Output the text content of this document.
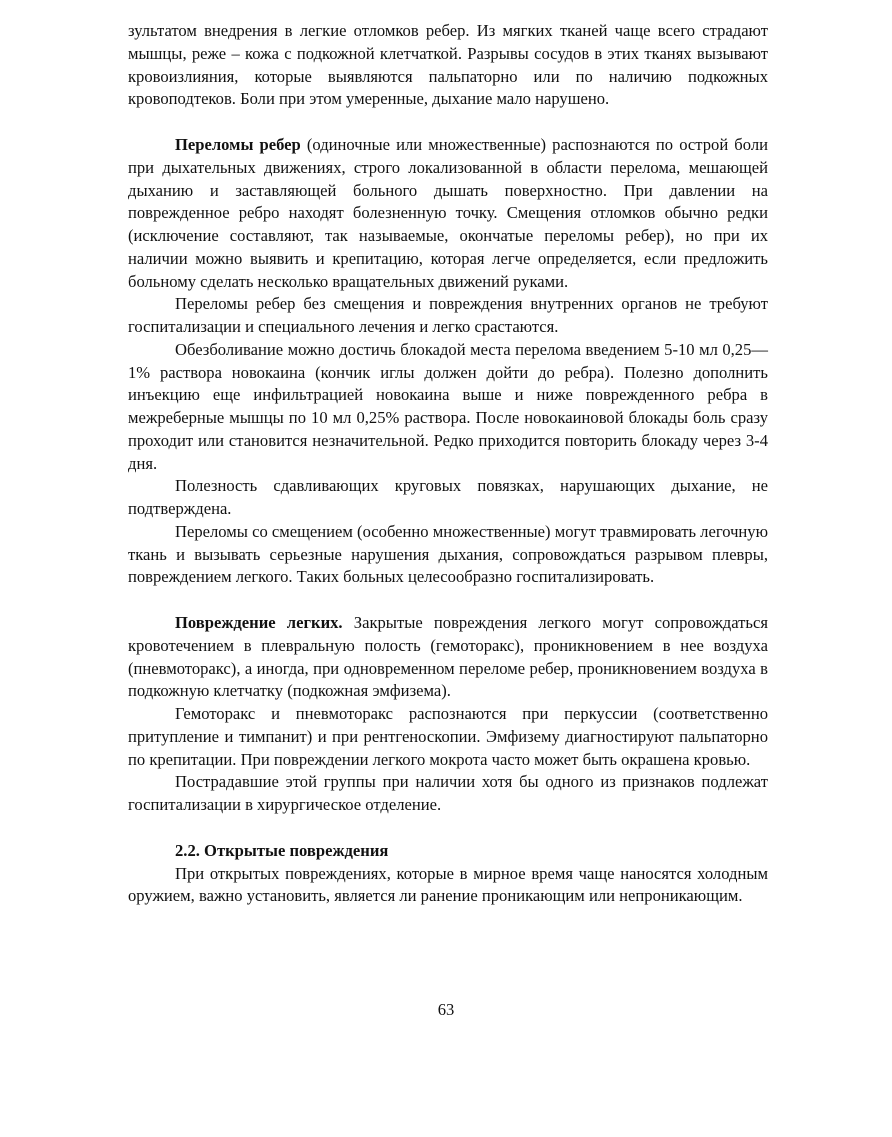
зультатом внедрения в легкие отломков ребер. Из мягких тканей чаще всего страдают мышцы, реже – кожа с подкожной клетчаткой. Разрывы сосудов в этих тканях вызывают кровоизлияния, которые выявляются пальпаторно или по наличию подкожных кровоподтеков. Боли при этом умеренные, дыхание мало нарушено.

Переломы ребер (одиночные или множественные) распознаются по острой боли при дыхательных движениях, строго локализованной в области перелома, мешающей дыханию и заставляющей больного дышать поверхностно. При давлении на поврежденное ребро находят болезненную точку. Смещения отломков обычно редки (исключение составляют, так называемые, окончатые переломы ребер), но при их наличии можно выявить и крепитацию, которая легче определяется, если предложить больному сделать несколько вращательных движений руками.

Переломы ребер без смещения и повреждения внутренних органов не требуют госпитализации и специального лечения и легко срастаются.

Обезболивание можно достичь блокадой места перелома введением 5-10 мл 0,25—1% раствора новокаина (кончик иглы должен дойти до ребра). Полезно дополнить инъекцию еще инфильтрацией новокаина выше и ниже поврежденного ребра в межреберные мышцы по 10 мл 0,25% раствора. После новокаиновой блокады боль сразу проходит или становится незначительной. Редко приходится повторить блокаду через 3-4 дня.

Полезность сдавливающих круговых повязках, нарушающих дыхание, не подтверждена.

Переломы со смещением (особенно множественные) могут травмировать легочную ткань и вызывать серьезные нарушения дыхания, сопровождаться разрывом плевры, повреждением легкого. Таких больных целесообразно госпитализировать.

Повреждение легких. Закрытые повреждения легкого могут сопровождаться кровотечением в плевральную полость (гемоторакс), проникновением в нее воздуха (пневмоторакс), а иногда, при одновременном переломе ребер, проникновением воздуха в подкожную клетчатку (подкожная эмфизема).

Гемоторакс и пневмоторакс распознаются при перкуссии (соответственно притупление и тимпанит) и при рентгеноскопии. Эмфизему диагностируют пальпаторно по крепитации. При повреждении легкого мокрота часто может быть окрашена кровью.

Пострадавшие этой группы при наличии хотя бы одного из признаков подлежат госпитализации в хирургическое отделение.

2.2. Открытые повреждения

При открытых повреждениях, которые в мирное время чаще наносятся холодным оружием, важно установить, является ли ранение проникающим или непроникающим.

63
